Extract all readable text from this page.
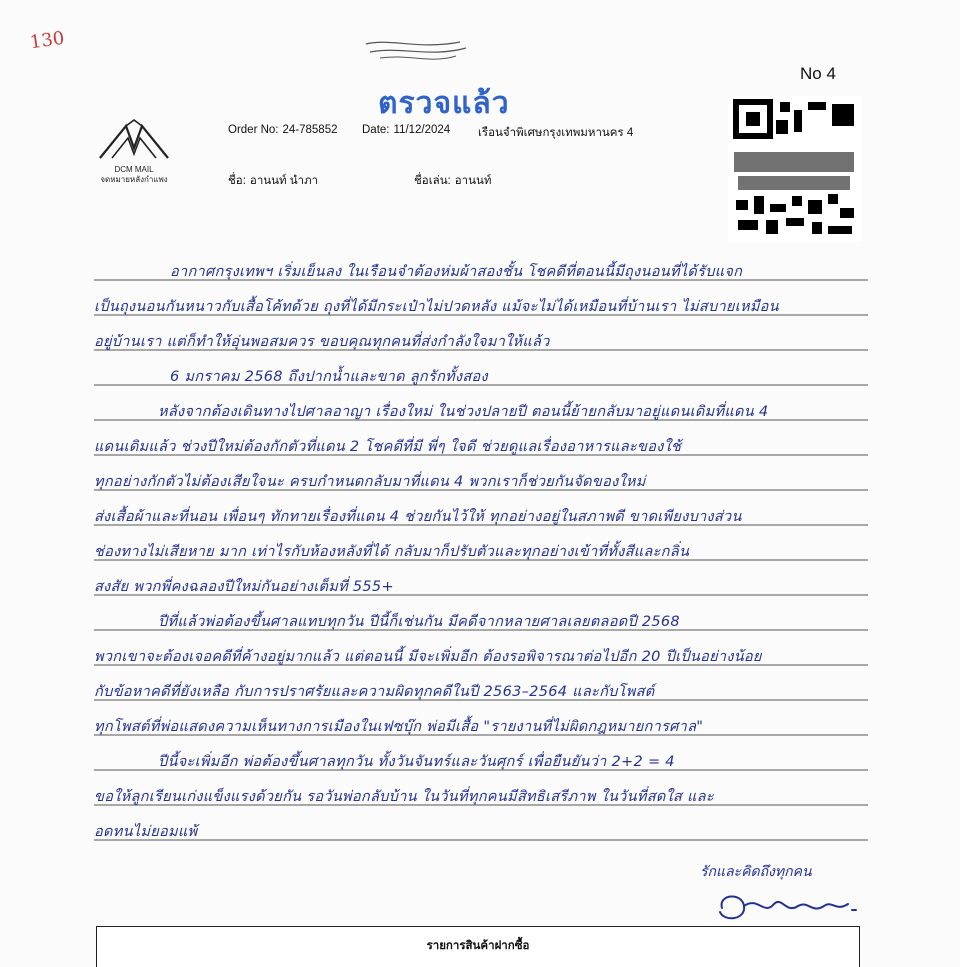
130
ตรวจแล้ว
No 4
DCM MAIL
จดหมายหลังกำแพง
Order No: 24-785852 Date: 11/12/2024 เรือนจำพิเศษกรุงเทพมหานคร 4
ชื่อ: อานนท์ นำภา	ชื่อเล่น: อานนท์
อากาศกรุงเทพฯ เริ่มเย็นลง ในเรือนจำต้องห่มผ้าสองชั้น โชคดีที่ตอนนี้มีถุงนอนที่ได้รับแจก
เป็นถุงนอนกันหนาวกับเสื้อโค้ทด้วย ถุงที่ได้มีกระเป๋าไม่ปวดหลัง แม้จะไม่ได้เหมือนที่บ้านเรา ไม่สบายเหมือน
อยู่บ้านเรา แต่ก็ทำให้อุ่นพอสมควร ขอบคุณทุกคนที่ส่งกำลังใจมาให้แล้ว
6 มกราคม 2568 ถึงปากน้ำและขาด ลูกรักทั้งสอง
หลังจากต้องเดินทางไปศาลอาญา เรื่องใหม่ ในช่วงปลายปี ตอนนี้ย้ายกลับมาอยู่แดนเดิมที่แดน 4
แดนเดิมแล้ว ช่วงปีใหม่ต้องกักตัวที่แดน 2 โชคดีที่มี พี่ๆ ใจดี ช่วยดูแลเรื่องอาหารและของใช้
ทุกอย่างกักตัวไม่ต้องเสียใจนะ ครบกำหนดกลับมาที่แดน 4 พวกเราก็ช่วยกันจัดของใหม่
ส่งเสื้อผ้าและที่นอน เพื่อนๆ ทักทายเรื่องที่แดน 4 ช่วยกันไว้ให้ ทุกอย่างอยู่ในสภาพดี ขาดเพียงบางส่วน
ช่องทางไม่เสียหาย มาก เท่าไรกับห้องหลังที่ได้ กลับมาก็ปรับตัวและทุกอย่างเข้าที่ทั้งสีและกลิ่น
สงสัย พวกพี่คงฉลองปีใหม่กันอย่างเต็มที่ 555+
ปีที่แล้วพ่อต้องขึ้นศาลแทบทุกวัน ปีนี้ก็เช่นกัน มีคดีจากหลายศาลเลยตลอดปี 2568
พวกเขาจะต้องเจอคดีที่ค้างอยู่มากแล้ว แต่ตอนนี้ มีจะเพิ่มอีก ต้องรอพิจารณาต่อไปอีก 20 ปีเป็นอย่างน้อย
กับข้อหาคดีที่ยังเหลือ กับการปราศรัยและความผิดทุกคดีในปี 2563–2564 และกับโพสต์
ทุกโพสต์ที่พ่อแสดงความเห็นทางการเมืองในเฟซบุ๊ก พ่อมีเสื้อ "รายงานที่ไม่ผิดกฎหมายการศาล"
ปีนี้จะเพิ่มอีก พ่อต้องขึ้นศาลทุกวัน ทั้งวันจันทร์และวันศุกร์ เพื่อยืนยันว่า 2+2 = 4
ขอให้ลูกเรียนเก่งแข็งแรงด้วยกัน รอวันพ่อกลับบ้าน ในวันที่ทุกคนมีสิทธิเสรีภาพ ในวันที่สดใส และ
อดทนไม่ยอมแพ้
รักและคิดถึงทุกคน
รายการสินค้าฝากซื้อ
